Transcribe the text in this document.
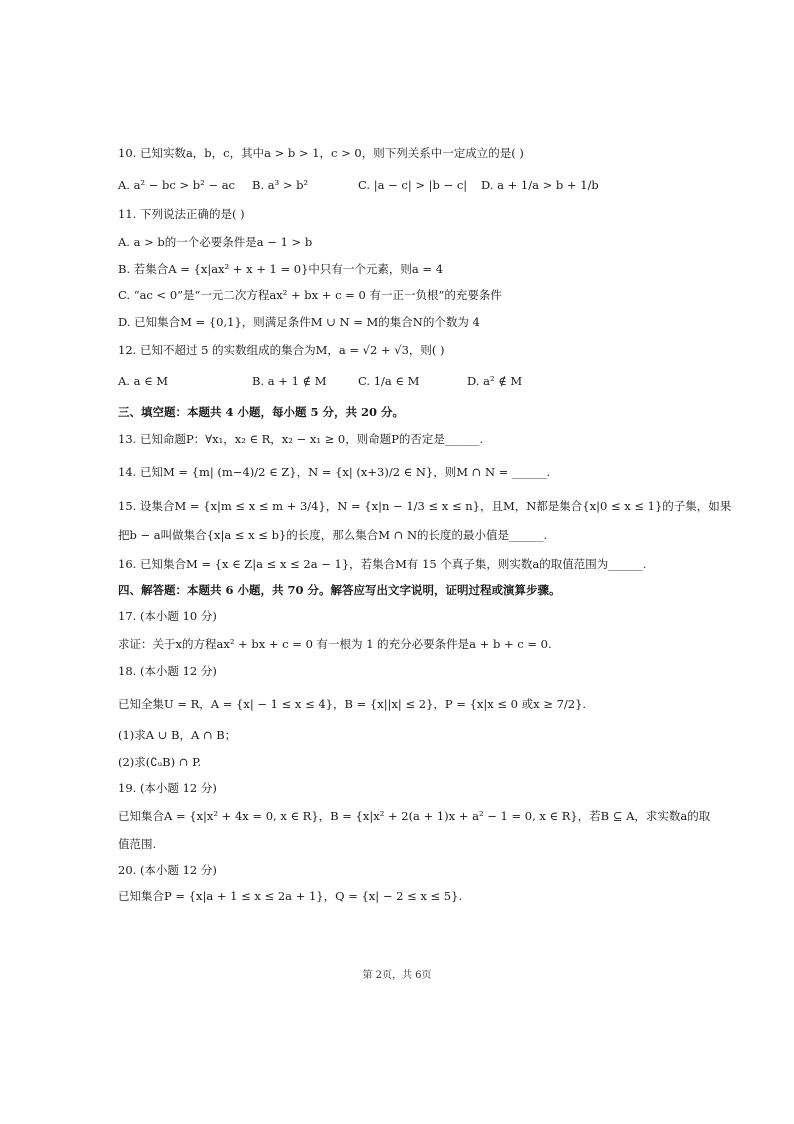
10. 已知实数a，b，c，其中a > b > 1，c > 0，则下列关系中一定成立的是( )
A. a² − bc > b² − ac B. a³ > b²	C. |a − c| > |b − c| D. a + 1/a > b + 1/b
11. 下列说法正确的是( )
A. a > b的一个必要条件是a − 1 > b
B. 若集合A = {x|ax² + x + 1 = 0}中只有一个元素，则a = 4
C. “ac < 0”是“一元二次方程ax² + bx + c = 0 有一正一负根”的充要条件
D. 已知集合M = {0,1}，则满足条件M ∪ N = M的集合N的个数为 4
12. 已知不超过 5 的实数组成的集合为M，a = √2 + √3，则( )
A. a ∈ M	B. a + 1 ∉ M	C. 1/a ∈ M	D. a² ∉ M
三、填空题：本题共 4 小题，每小题 5 分，共 20 分。
13. 已知命题P：∀x₁，x₂ ∈ R，x₂ − x₁ ≥ 0，则命题P的否定是______.
14. 已知M = {m| (m−4)/2 ∈ Z}，N = {x| (x+3)/2 ∈ N}，则M ∩ N = ______.
15. 设集合M = {x|m ≤ x ≤ m + 3/4}，N = {x|n − 1/3 ≤ x ≤ n}，且M，N都是集合{x|0 ≤ x ≤ 1}的子集，如果
把b − a叫做集合{x|a ≤ x ≤ b}的长度，那么集合M ∩ N的长度的最小值是______.
16. 已知集合M = {x ∈ Z|a ≤ x ≤ 2a − 1}，若集合M有 15 个真子集，则实数a的取值范围为______.
四、解答题：本题共 6 小题，共 70 分。解答应写出文字说明，证明过程或演算步骤。
17. (本小题 10 分)
求证：关于x的方程ax² + bx + c = 0 有一根为 1 的充分必要条件是a + b + c = 0.
18. (本小题 12 分)
已知全集U = R，A = {x| − 1 ≤ x ≤ 4}，B = {x||x| ≤ 2}，P = {x|x ≤ 0 或x ≥ 7/2}.
(1)求A ∪ B，A ∩ B；
(2)求(∁ᵤB) ∩ P.
19. (本小题 12 分)
已知集合A = {x|x² + 4x = 0, x ∈ R}，B = {x|x² + 2(a + 1)x + a² − 1 = 0, x ∈ R}，若B ⊆ A，求实数a的取
值范围.
20. (本小题 12 分)
已知集合P = {x|a + 1 ≤ x ≤ 2a + 1}，Q = {x| − 2 ≤ x ≤ 5}.
第 2页，共 6页
